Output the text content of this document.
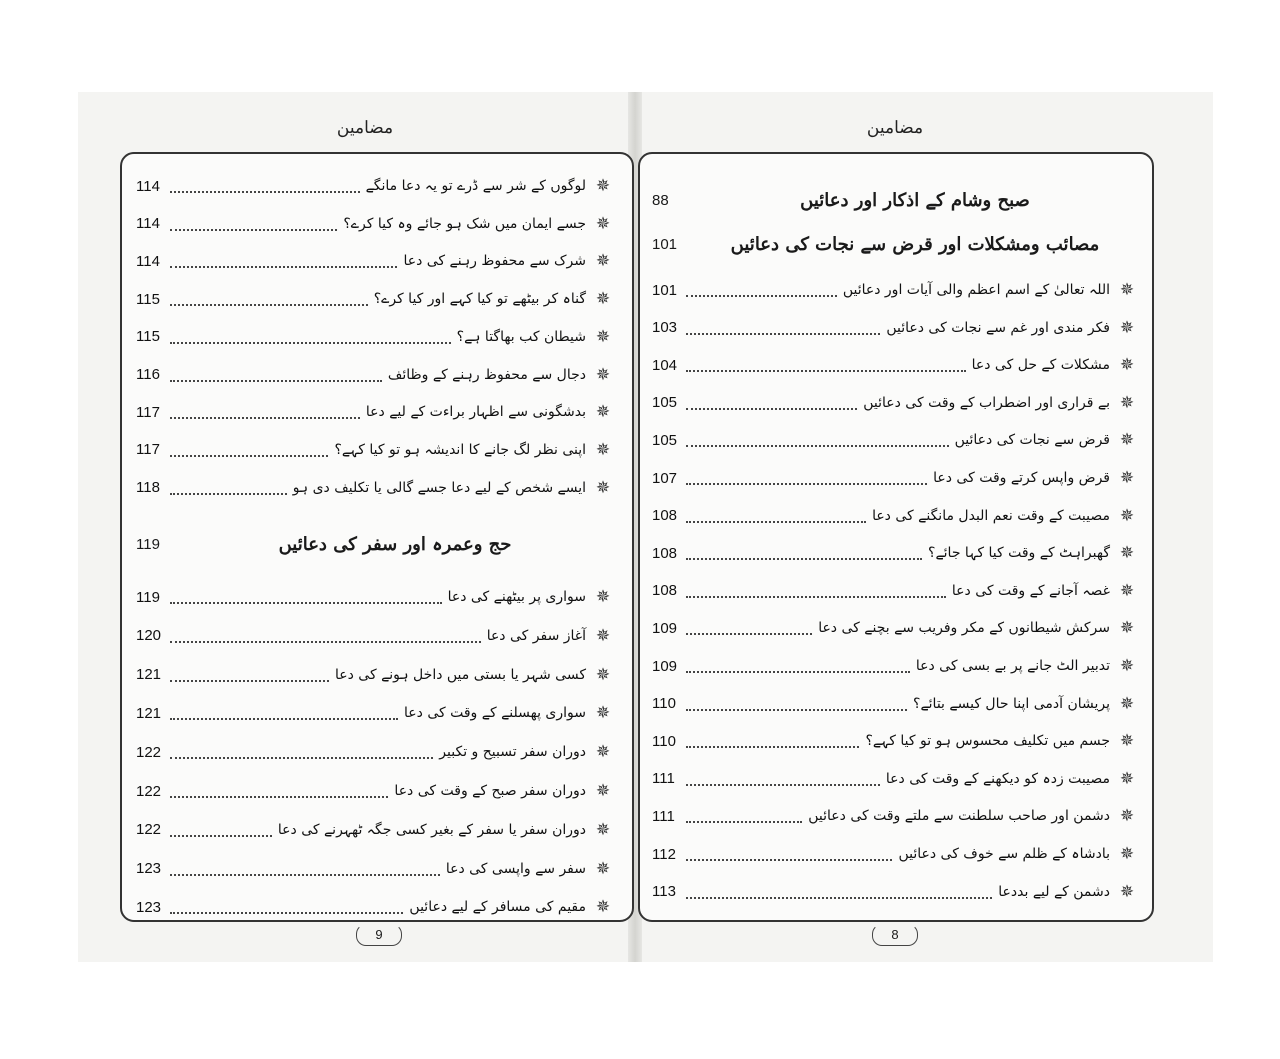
مضامین	مضامین
114	لوگوں کے شر سے ڈرے تو یہ دعا مانگے ✵
114	جسے ایمان میں شک ہو جائے وہ کیا کرے؟ ✵
114	شرک سے محفوظ رہنے کی دعا ✵
115	گناہ کر بیٹھے تو کیا کہے اور کیا کرے؟ ✵
115	شیطان کب بھاگتا ہے؟ ✵
116	دجال سے محفوظ رہنے کے وظائف ✵
117	بدشگونی سے اظہار براءت کے لیے دعا ✵
117	اپنی نظر لگ جانے کا اندیشہ ہو تو کیا کہے؟ ✵
118	ایسے شخص کے لیے دعا جسے گالی یا تکلیف دی ہو ✵
119	حج وعمرہ اور سفر کی دعائیں
119	سواری پر بیٹھنے کی دعا ✵
120	آغاز سفر کی دعا ✵
121	کسی شہر یا بستی میں داخل ہونے کی دعا ✵
121	سواری پھسلنے کے وقت کی دعا ✵
122	دوران سفر تسبیح و تکبیر ✵
122	دوران سفر صبح کے وقت کی دعا ✵
122	دوران سفر یا سفر کے بغیر کسی جگہ ٹھہرنے کی دعا ✵
123	سفر سے واپسی کی دعا ✵
123	مقیم کی مسافر کے لیے دعائیں ✵
88	صبح وشام کے اذکار اور دعائیں
101	مصائب ومشکلات اور قرض سے نجات کی دعائیں
101	اللہ تعالیٰ کے اسم اعظم والی آیات اور دعائیں ✵
103	فکر مندی اور غم سے نجات کی دعائیں ✵
104	مشکلات کے حل کی دعا ✵
105	بے قراری اور اضطراب کے وقت کی دعائیں ✵
105	قرض سے نجات کی دعائیں ✵
107	قرض واپس کرتے وقت کی دعا ✵
108	مصیبت کے وقت نعم البدل مانگنے کی دعا ✵
108	گھبراہٹ کے وقت کیا کہا جائے؟ ✵
108	غصہ آجانے کے وقت کی دعا ✵
109	سرکش شیطانوں کے مکر وفریب سے بچنے کی دعا ✵
109	تدبیر الٹ جانے پر بے بسی کی دعا ✵
110	پریشان آدمی اپنا حال کیسے بتائے؟ ✵
110	جسم میں تکلیف محسوس ہو تو کیا کہے؟ ✵
111	مصیبت زدہ کو دیکھنے کے وقت کی دعا ✵
111	دشمن اور صاحب سلطنت سے ملتے وقت کی دعائیں ✵
112	بادشاہ کے ظلم سے خوف کی دعائیں ✵
113	دشمن کے لیے بددعا ✵
9	8
